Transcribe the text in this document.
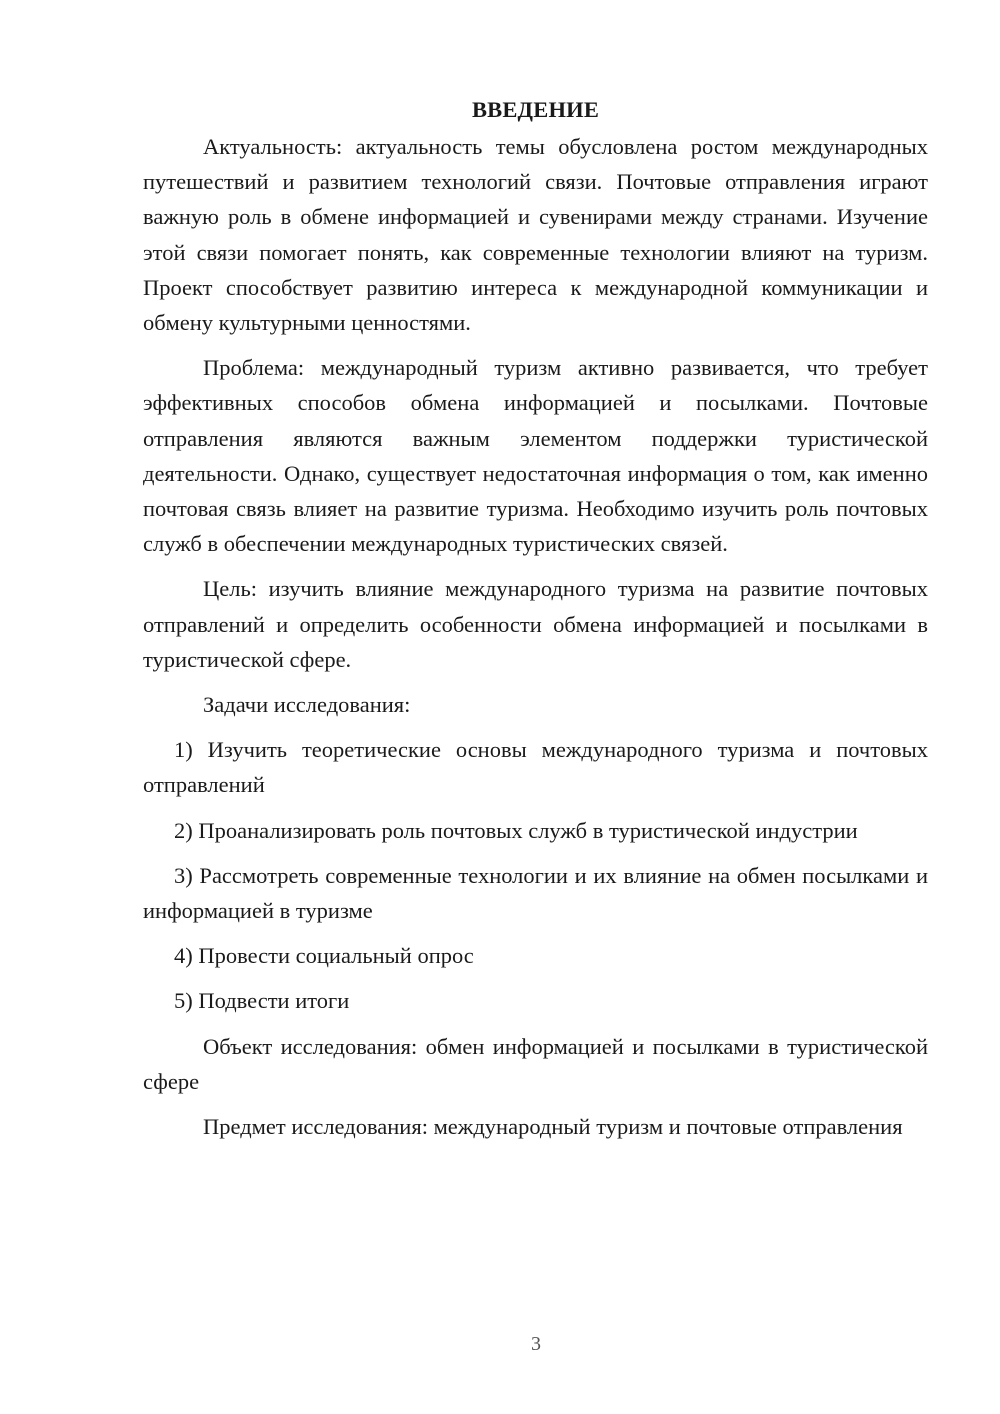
ВВЕДЕНИЕ

Актуальность: актуальность темы обусловлена ростом международных путешествий и развитием технологий связи. Почтовые отправления играют важную роль в обмене информацией и сувенирами между странами. Изучение этой связи помогает понять, как современные технологии влияют на туризм. Проект способствует развитию интереса к международной коммуникации и обмену культурными ценностями.

Проблема: международный туризм активно развивается, что требует эффективных способов обмена информацией и посылками. Почтовые отправления являются важным элементом поддержки туристической деятельности. Однако, существует недостаточная информация о том, как именно почтовая связь влияет на развитие туризма. Необходимо изучить роль почтовых служб в обеспечении международных туристических связей.

Цель: изучить влияние международного туризма на развитие почтовых отправлений и определить особенности обмена информацией и посылками в туристической сфере.

Задачи исследования:

1) Изучить теоретические основы международного туризма и почтовых отправлений

2) Проанализировать роль почтовых служб в туристической индустрии

3) Рассмотреть современные технологии и их влияние на обмен посылками и информацией в туризме

4) Провести социальный опрос

5) Подвести итоги

Объект исследования: обмен информацией и посылками в туристической сфере

Предмет исследования: международный туризм и почтовые отправления

3
